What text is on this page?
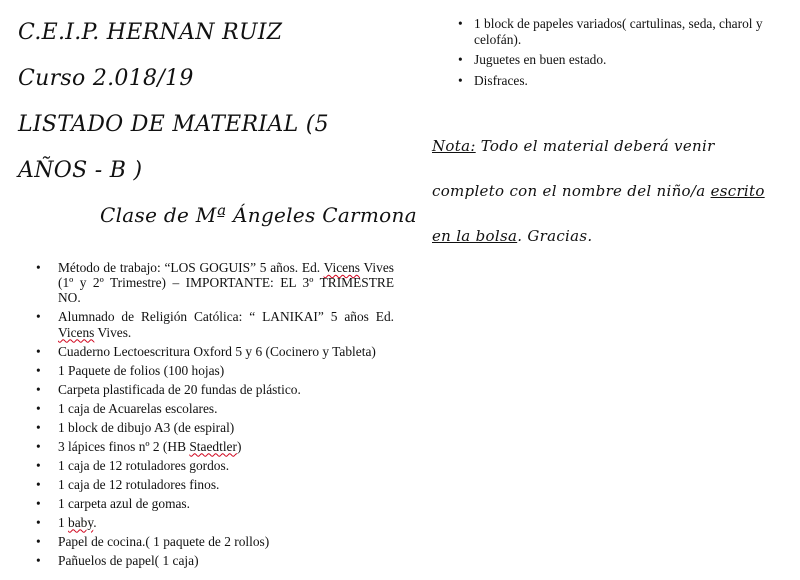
C.E.I.P. HERNAN RUIZ
Curso 2.018/19
LISTADO DE MATERIAL (5
AÑOS - B )
Clase de Mª Ángeles Carmona
• Método de trabajo: “LOS GOGUIS” 5 años. Ed. Vicens Vives (1º y 2º Trimestre) – IMPORTANTE: EL 3º TRIMESTRE NO.
• Alumnado de Religión Católica: “ LANIKAI” 5 años Ed. Vicens Vives.
• Cuaderno Lectoescritura Oxford 5 y 6 (Cocinero y Tableta)
• 1 Paquete de folios (100 hojas)
• Carpeta plastificada de 20 fundas de plástico.
• 1 caja de Acuarelas escolares.
• 1 block de dibujo A3 (de espiral)
• 3 lápices finos nº 2 (HB Staedtler)
• 1 caja de 12 rotuladores gordos.
• 1 caja de 12 rotuladores finos.
• 1 carpeta azul de gomas.
• 1 baby.
• Papel de cocina.( 1 paquete de 2 rollos)
• Pañuelos de papel( 1 caja)
• 1 block de papeles variados( cartulinas, seda, charol y celofán).
• Juguetes en buen estado.
• Disfraces.
Nota: Todo el material deberá venir completo con el nombre del niño/a escrito en la bolsa. Gracias.
